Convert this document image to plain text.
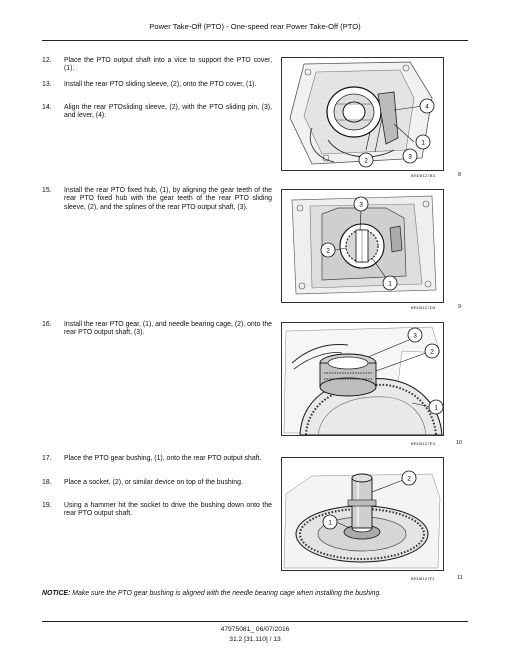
Power Take-Off (PTO) - One-speed rear Power Take-Off (PTO)
12. Place the PTO output shaft into a vice to support the PTO cover, (1).
13. Install the rear PTO sliding sleeve, (2), onto the PTO cover, (1).
14. Align the rear PTOsliding sleeve, (2), with the PTO sliding pin, (3), and lever, (4).
15. Install the rear PTO fixed hub, (1), by aligning the gear teeth of the rear PTO fixed hub with the gear teeth of the rear PTO sliding sleeve, (2), and the splines of the rear PTO output shaft, (3).
16. Install the rear PTO gear, (1), and needle bearing cage, (2), onto the rear PTO output shaft, (3).
17. Place the PTO gear bushing, (1), onto the rear PTO output shaft.
18. Place a socket, (2), or similar device on top of the bushing.
19. Using a hammer hit the socket to drive the bushing down onto the rear PTO output shaft.
1
3
4
2
BRD8127B3	8
3
2
1
BRD8127D5	9
3
2
1
BRD8127E4	10
2
1
BRD8127F1	11
NOTICE: Make sure the PTO gear bushing is aligned with the needle bearing cage when installing the bushing.
47975081_ 06/07/2016
31.2 [31.110] / 13
